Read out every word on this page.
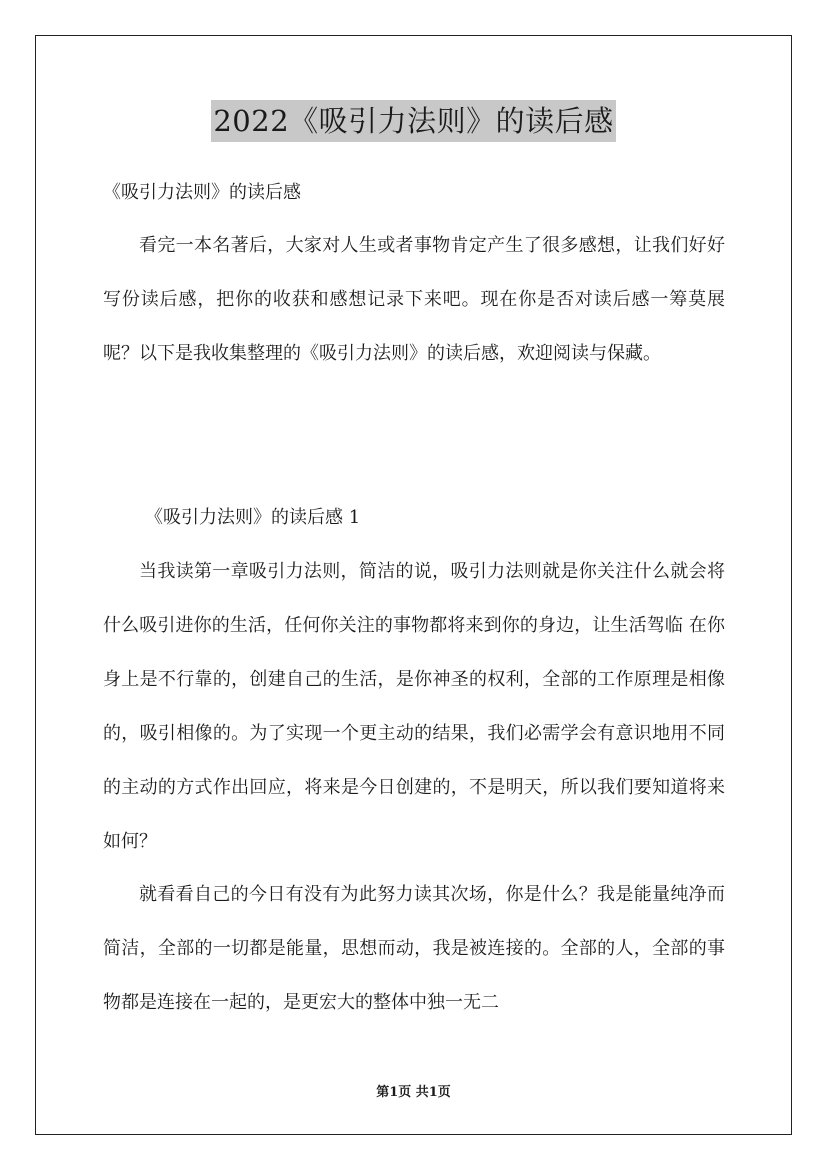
2022《吸引力法则》的读后感
《吸引力法则》的读后感

看完一本名著后，大家对人生或者事物肯定产生了很多感想，让我们好好写份读后感，把你的收获和感想记录下来吧。现在你是否对读后感一筹莫展呢？以下是我收集整理的《吸引力法则》的读后感，欢迎阅读与保藏。

《吸引力法则》的读后感 1

当我读第一章吸引力法则，简洁的说，吸引力法则就是你关注什么就会将什么吸引进你的生活，任何你关注的事物都将来到你的身边，让生活驾临 在你身上是不行靠的，创建自己的生活，是你神圣的权利，全部的工作原理是相像的，吸引相像的。为了实现一个更主动的结果，我们必需学会有意识地用不同的主动的方式作出回应，将来是今日创建的，不是明天，所以我们要知道将来如何？

就看看自己的今日有没有为此努力读其次场，你是什么？我是能量纯净而简洁，全部的一切都是能量，思想而动，我是被连接的。全部的人，全部的事物都是连接在一起的，是更宏大的整体中独一无二

第1页 共1页
